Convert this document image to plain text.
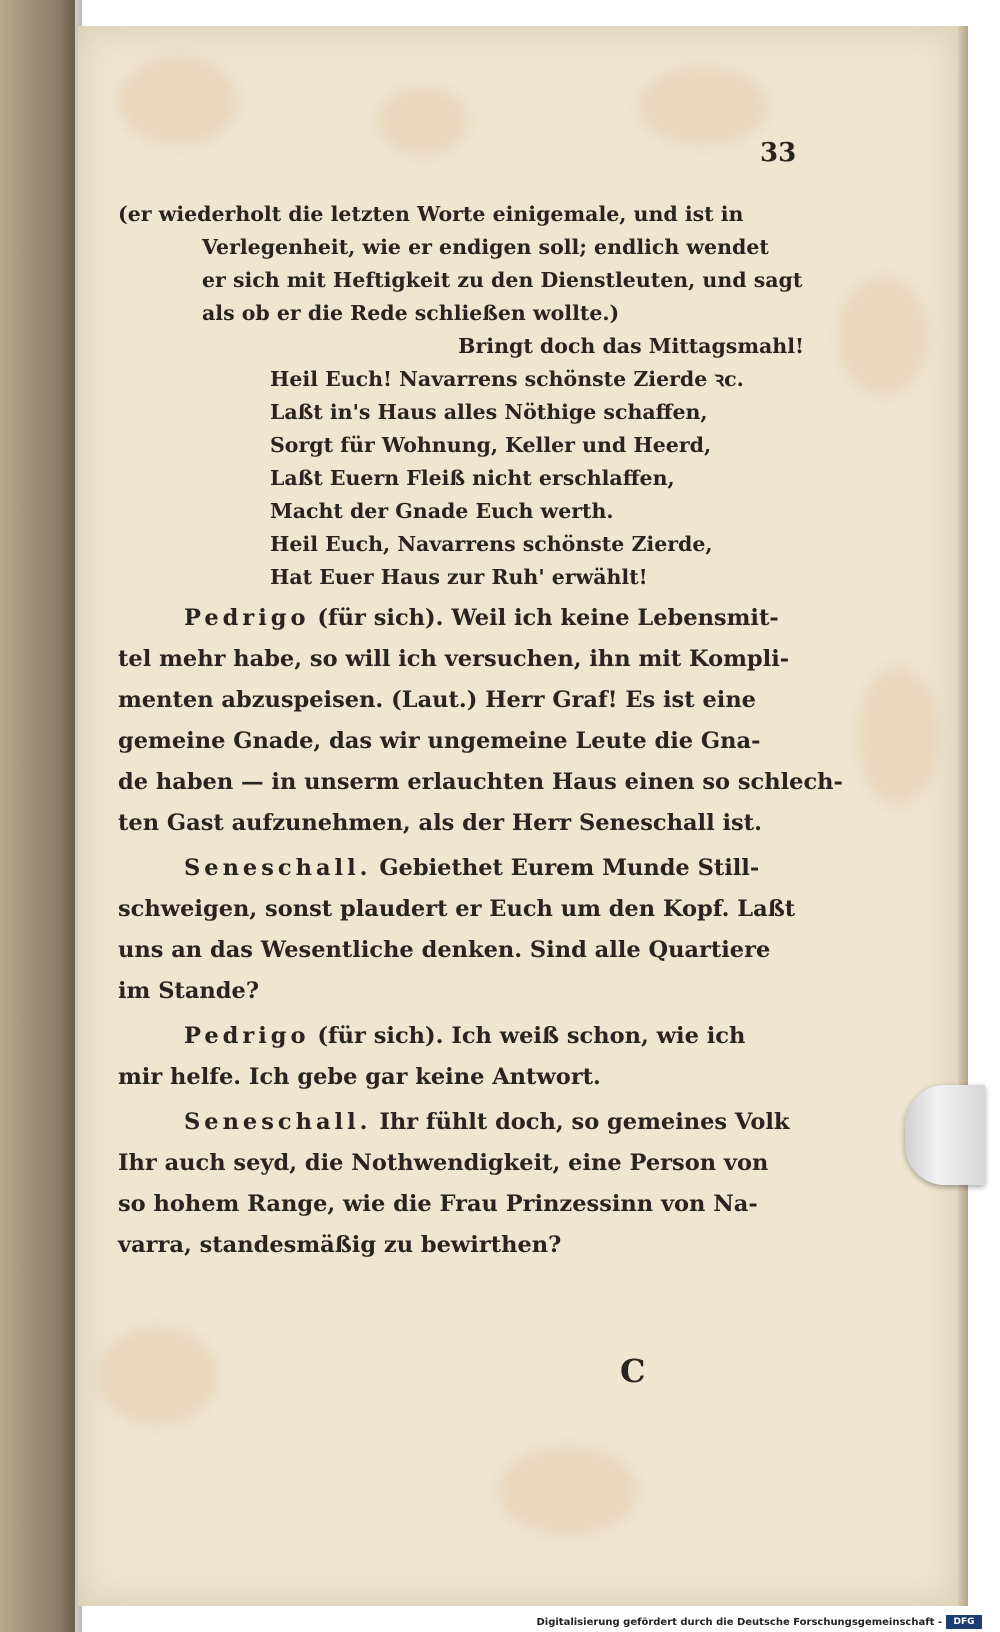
33
(er wiederholt die letzten Worte einigemale, und ist in
Verlegenheit, wie er endigen soll; endlich wendet
er sich mit Heftigkeit zu den Dienstleuten, und sagt
als ob er die Rede schließen wollte.)
Bringt doch das Mittagsmahl!
Heil Euch! Navarrens schönste Zierde ꝛc.
Laßt in's Haus alles Nöthige schaffen,
Sorgt für Wohnung, Keller und Heerd,
Laßt Euern Fleiß nicht erschlaffen,
Macht der Gnade Euch werth.
Heil Euch, Navarrens schönste Zierde,
Hat Euer Haus zur Ruh' erwählt!
Pedrigo (für sich). Weil ich keine Lebensmit-
tel mehr habe, so will ich versuchen, ihn mit Kompli-
menten abzuspeisen. (Laut.) Herr Graf! Es ist eine
gemeine Gnade, das wir ungemeine Leute die Gna-
de haben — in unserm erlauchten Haus einen so schlech-
ten Gast aufzunehmen, als der Herr Seneschall ist.
Seneschall. Gebiethet Eurem Munde Still-
schweigen, sonst plaudert er Euch um den Kopf. Laßt
uns an das Wesentliche denken. Sind alle Quartiere
im Stande?
Pedrigo (für sich). Ich weiß schon, wie ich
mir helfe. Ich gebe gar keine Antwort.
Seneschall. Ihr fühlt doch, so gemeines Volk
Ihr auch seyd, die Nothwendigkeit, eine Person von
so hohem Range, wie die Frau Prinzessinn von Na-
varra, standesmäßig zu bewirthen?
C
Digitalisierung gefördert durch die Deutsche Forschungsgemeinschaft -	DFG
